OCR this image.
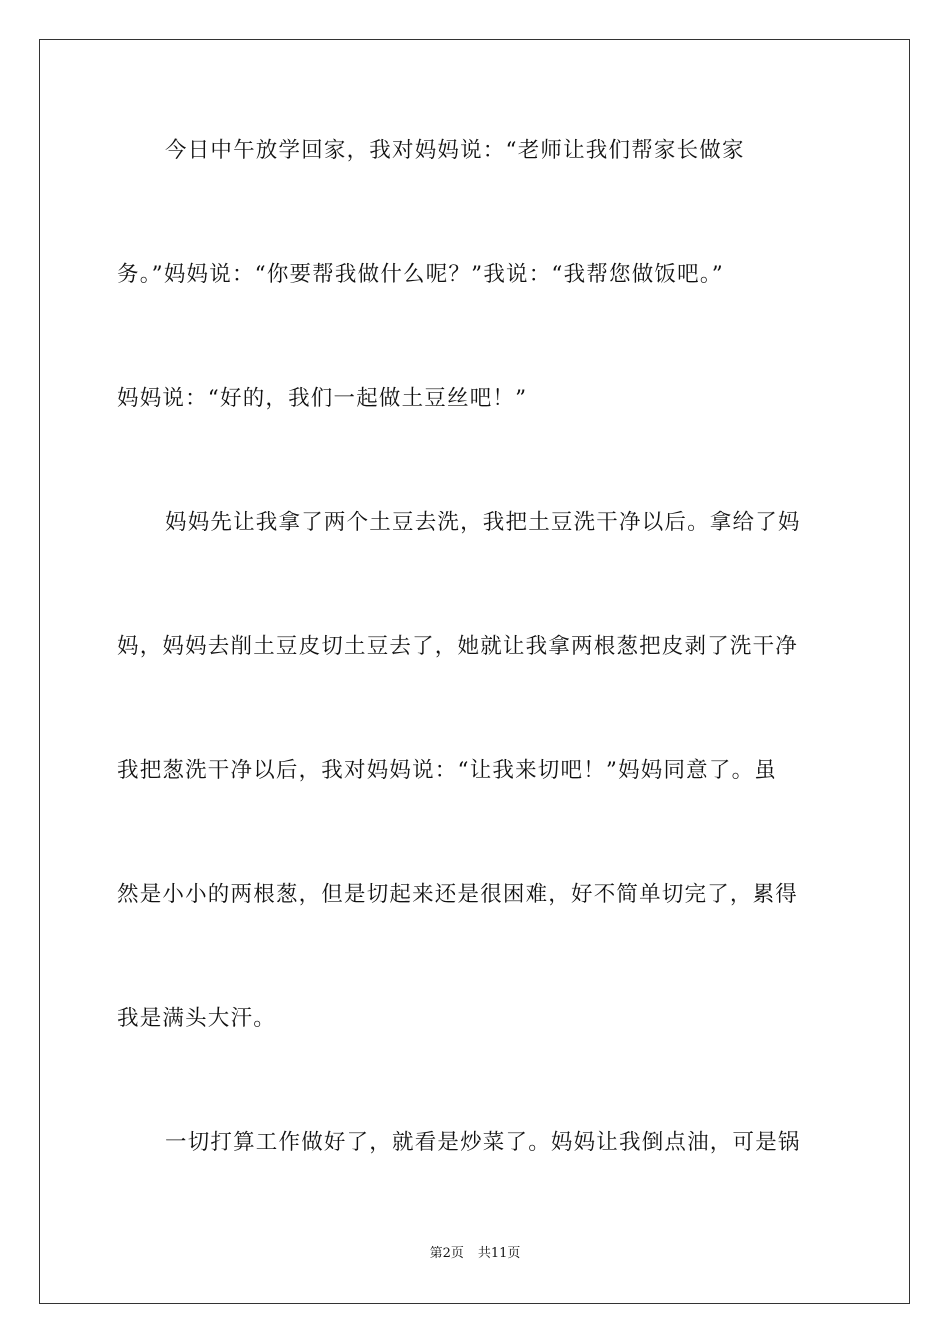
今日中午放学回家，我对妈妈说：“老师让我们帮家长做家

务。”妈妈说：“你要帮我做什么呢？”我说：“我帮您做饭吧。”

妈妈说：“好的，我们一起做土豆丝吧！”

妈妈先让我拿了两个土豆去洗，我把土豆洗干净以后。拿给了妈

妈，妈妈去削土豆皮切土豆去了，她就让我拿两根葱把皮剥了洗干净

我把葱洗干净以后，我对妈妈说：“让我来切吧！”妈妈同意了。虽

然是小小的两根葱，但是切起来还是很困难，好不简单切完了，累得

我是满头大汗。

一切打算工作做好了，就看是炒菜了。妈妈让我倒点油，可是锅

第2页 共11页
